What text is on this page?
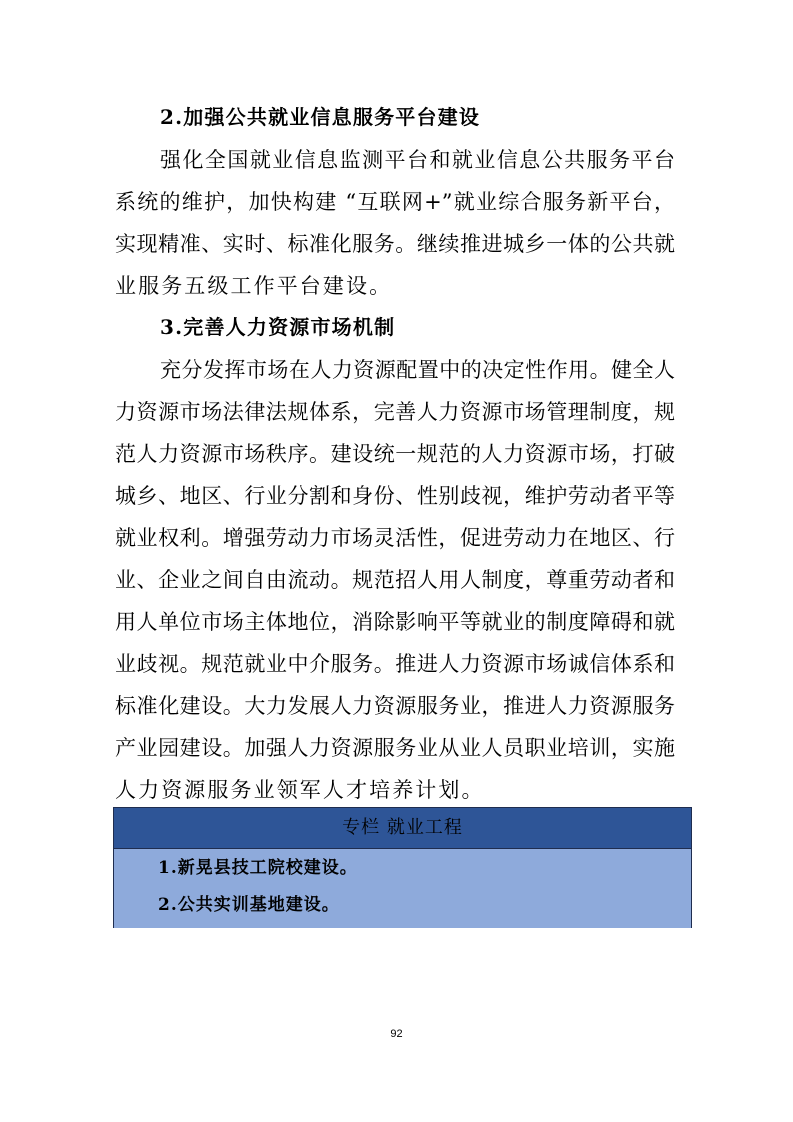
2.加强公共就业信息服务平台建设
强化全国就业信息监测平台和就业信息公共服务平台
系统的维护，加快构建 “互联网+”就业综合服务新平台，
实现精准、实时、标准化服务。继续推进城乡一体的公共就
业服务五级工作平台建设。
3.完善人力资源市场机制
充分发挥市场在人力资源配置中的决定性作用。健全人
力资源市场法律法规体系，完善人力资源市场管理制度，规
范人力资源市场秩序。建设统一规范的人力资源市场，打破
城乡、地区、行业分割和身份、性别歧视，维护劳动者平等
就业权利。增强劳动力市场灵活性，促进劳动力在地区、行
业、企业之间自由流动。规范招人用人制度，尊重劳动者和
用人单位市场主体地位，消除影响平等就业的制度障碍和就
业歧视。规范就业中介服务。推进人力资源市场诚信体系和
标准化建设。大力发展人力资源服务业，推进人力资源服务
产业园建设。加强人力资源服务业从业人员职业培训，实施
人力资源服务业领军人才培养计划。
专栏 就业工程
1.新晃县技工院校建设。
2.公共实训基地建设。
92
